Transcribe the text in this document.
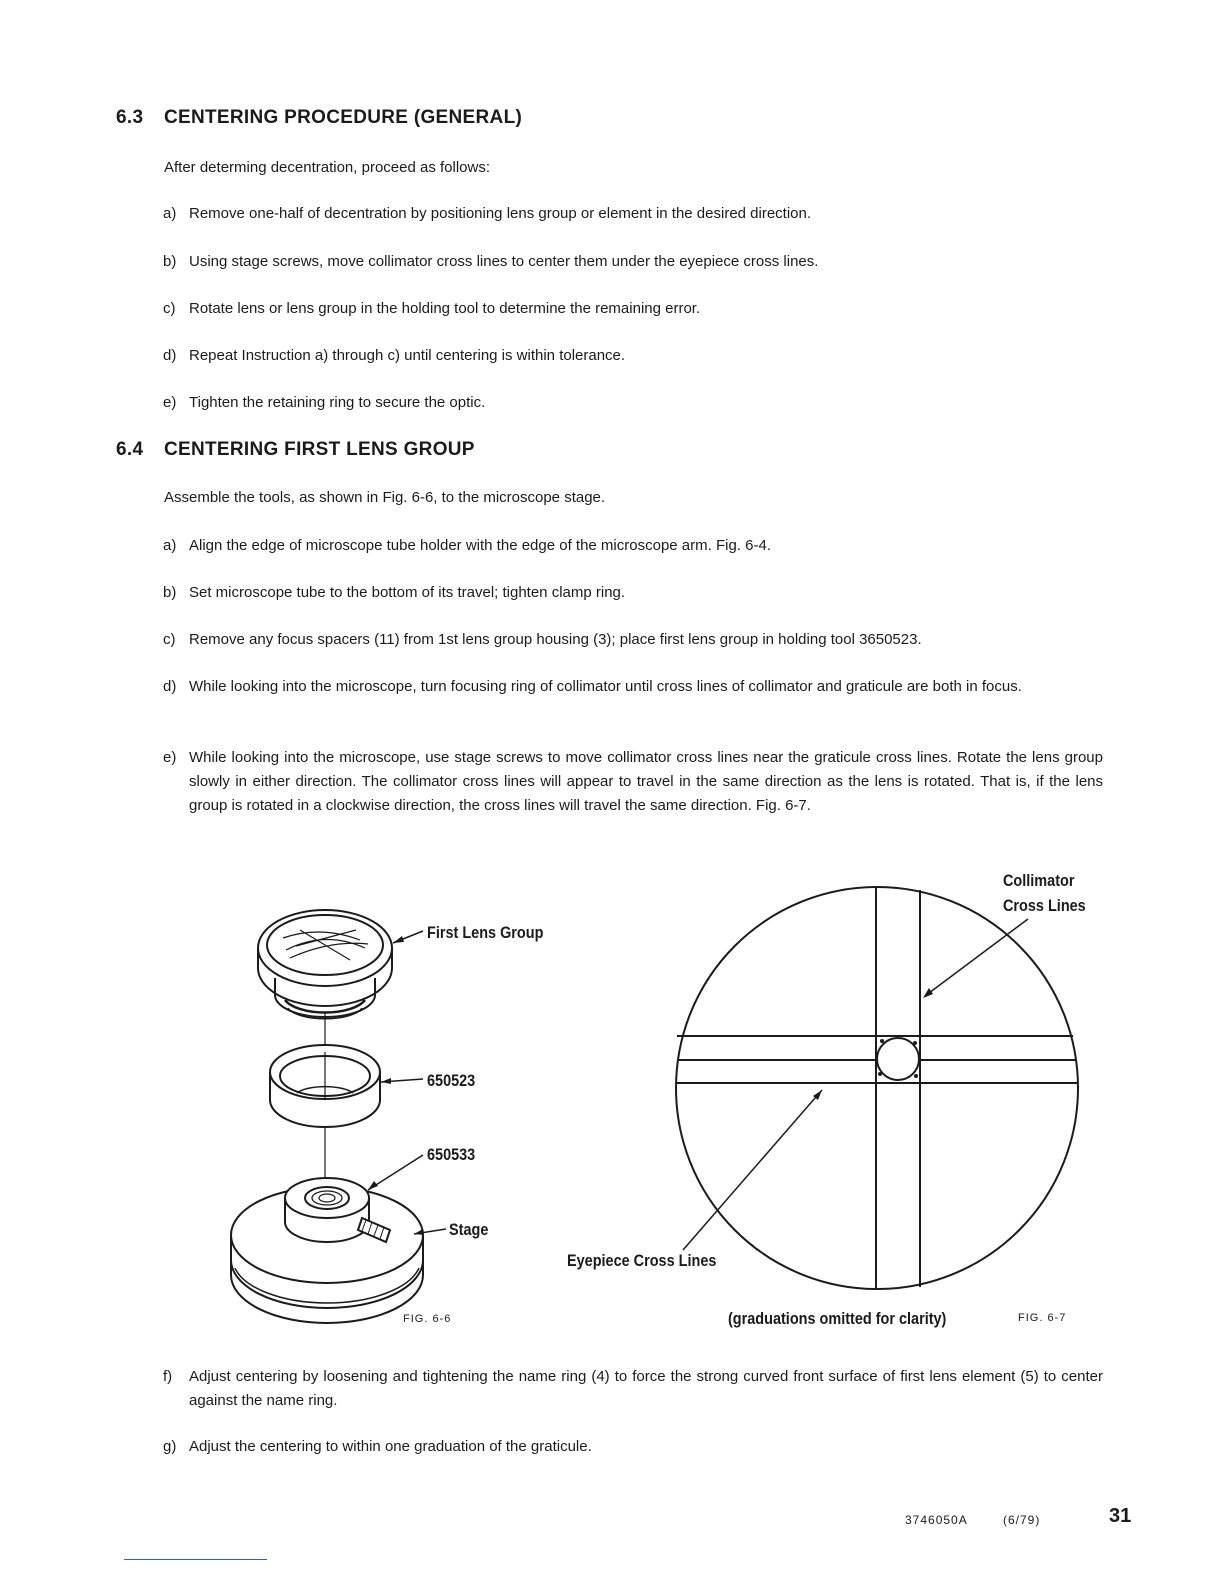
6.3 CENTERING PROCEDURE (GENERAL)
After determing decentration, proceed as follows:
a) Remove one-half of decentration by positioning lens group or element in the desired direction.
b) Using stage screws, move collimator cross lines to center them under the eyepiece cross lines.
c) Rotate lens or lens group in the holding tool to determine the remaining error.
d) Repeat Instruction a) through c) until centering is within tolerance.
e) Tighten the retaining ring to secure the optic.
6.4 CENTERING FIRST LENS GROUP
Assemble the tools, as shown in Fig. 6-6, to the microscope stage.
a) Align the edge of microscope tube holder with the edge of the microscope arm. Fig. 6-4.
b) Set microscope tube to the bottom of its travel; tighten clamp ring.
c) Remove any focus spacers (11) from 1st lens group housing (3); place first lens group in holding tool 3650523.
d) While looking into the microscope, turn focusing ring of collimator until cross lines of collimator and graticule are both in focus.
e) While looking into the microscope, use stage screws to move collimator cross lines near the graticule cross lines. Rotate the lens group slowly in either direction. The collimator cross lines will appear to travel in the same direction as the lens is rotated. That is, if the lens group is rotated in a clockwise direction, the cross lines will travel the same direction. Fig. 6-7.
First Lens Group
650523
650533
Stage
FIG. 6-6
Collimator
Cross Lines
Eyepiece Cross Lines
(graduations omitted for clarity)	FIG. 6-7
f) Adjust centering by loosening and tightening the name ring (4) to force the strong curved front surface of first lens element (5) to center against the name ring.
g) Adjust the centering to within one graduation of the graticule.
3746050A	(6/79)	31
